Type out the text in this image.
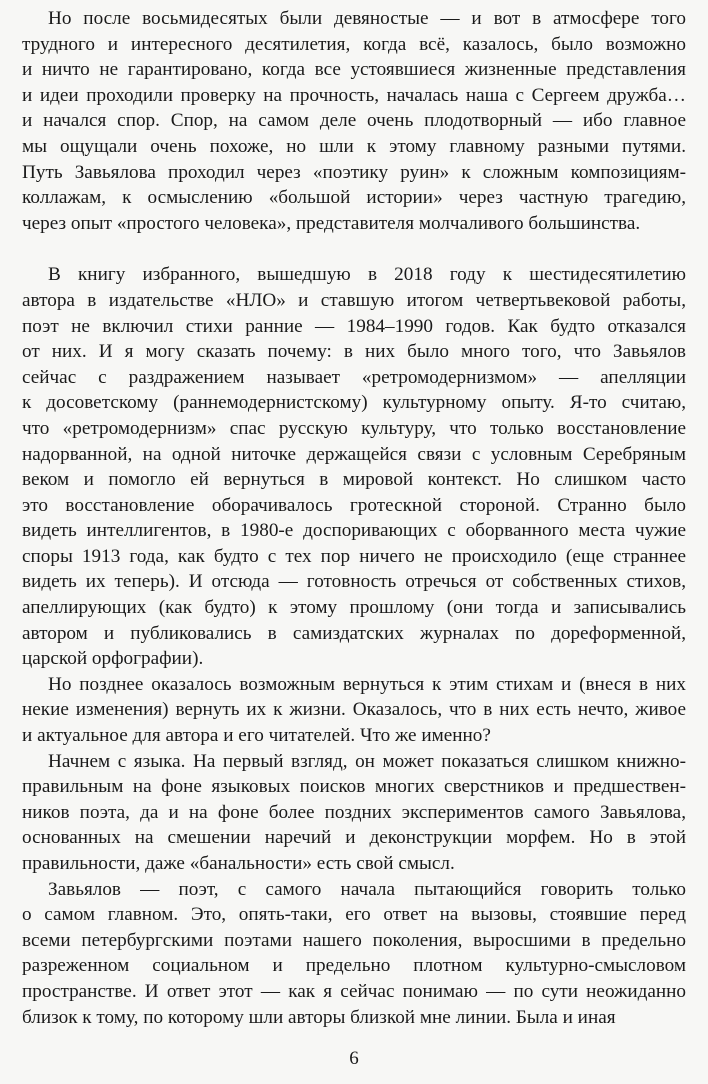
Но после восьмидесятых были девяностые — и вот в атмосфере того
трудного и интересного десятилетия, когда всё, казалось, было возможно
и ничто не гарантировано, когда все устоявшиеся жизненные представления
и идеи проходили проверку на прочность, началась наша с Сергеем дружба…
и начался спор. Спор, на самом деле очень плодотворный — ибо главное
мы ощущали очень похоже, но шли к этому главному разными путями.
Путь Завьялова проходил через «поэтику руин» к сложным композициям-
коллажам, к осмыслению «большой истории» через частную трагедию,
через опыт «простого человека», представителя молчаливого большинства.
В книгу избранного, вышедшую в 2018 году к шестидесятилетию
автора в издательстве «НЛО» и ставшую итогом четвертьвековой работы,
поэт не включил стихи ранние — 1984–1990 годов. Как будто отказался
от них. И я могу сказать почему: в них было много того, что Завьялов
сейчас с раздражением называет «ретромодернизмом» — апелляции
к досоветскому (раннемодернистскому) культурному опыту. Я-то считаю,
что «ретромодернизм» спас русскую культуру, что только восстановление
надорванной, на одной ниточке держащейся связи с условным Серебряным
веком и помогло ей вернуться в мировой контекст. Но слишком часто
это восстановление оборачивалось гротескной стороной. Странно было
видеть интеллигентов, в 1980-е доспоривающих с оборванного места чужие
споры 1913 года, как будто с тех пор ничего не происходило (еще страннее
видеть их теперь). И отсюда — готовность отречься от собственных стихов,
апеллирующих (как будто) к этому прошлому (они тогда и записывались
автором и публиковались в самиздатских журналах по дореформенной,
царской орфографии).
Но позднее оказалось возможным вернуться к этим стихам и (внеся в них
некие изменения) вернуть их к жизни. Оказалось, что в них есть нечто, живое
и актуальное для автора и его читателей. Что же именно?
Начнем с языка. На первый взгляд, он может показаться слишком книжно-
правильным на фоне языковых поисков многих сверстников и предшествен-
ников поэта, да и на фоне более поздних экспериментов самого Завьялова,
основанных на смешении наречий и деконструкции морфем. Но в этой
правильности, даже «банальности» есть свой смысл.
Завьялов — поэт, с самого начала пытающийся говорить только
о самом главном. Это, опять-таки, его ответ на вызовы, стоявшие перед
всеми петербургскими поэтами нашего поколения, выросшими в предельно
разреженном социальном и предельно плотном культурно-смысловом
пространстве. И ответ этот — как я сейчас понимаю — по сути неожиданно
близок к тому, по которому шли авторы близкой мне линии. Была и иная
6
